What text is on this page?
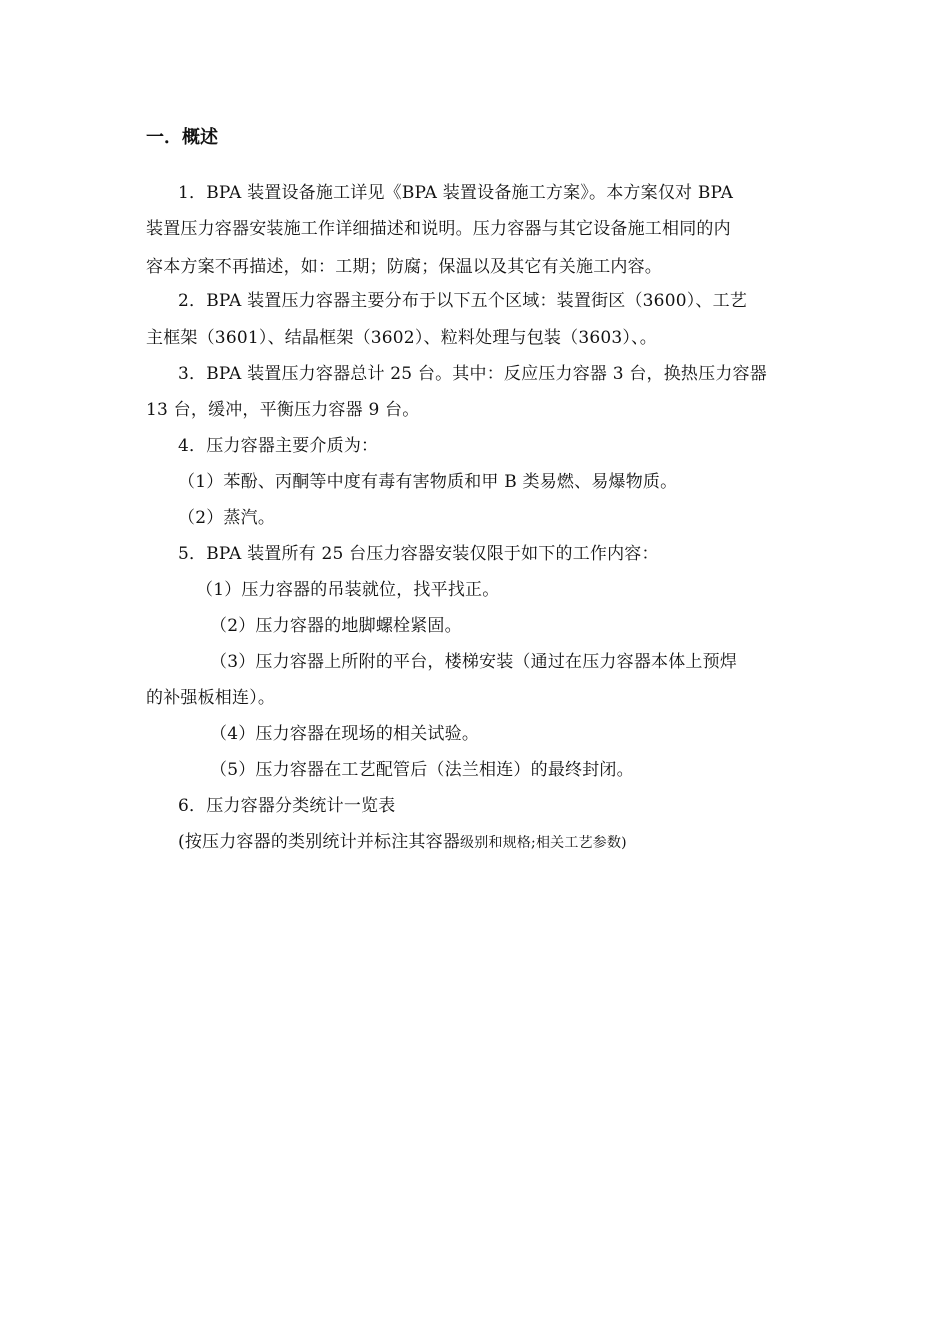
一．概述
1．BPA 装置设备施工详见《BPA 装置设备施工方案》。本方案仅对 BPA
装置压力容器安装施工作详细描述和说明。压力容器与其它设备施工相同的内
容本方案不再描述，如：工期；防腐；保温以及其它有关施工内容。
2．BPA 装置压力容器主要分布于以下五个区域：装置街区（3600）、工艺
主框架（3601）、结晶框架（3602）、粒料处理与包装（3603）、。
3．BPA 装置压力容器总计 25 台。其中：反应压力容器 3 台，换热压力容器
13 台，缓冲，平衡压力容器 9 台。
4．压力容器主要介质为：
（1）苯酚、丙酮等中度有毒有害物质和甲 B 类易燃、易爆物质。
（2）蒸汽。
5．BPA 装置所有 25 台压力容器安装仅限于如下的工作内容：
（1）压力容器的吊装就位，找平找正。
（2）压力容器的地脚螺栓紧固。
（3）压力容器上所附的平台，楼梯安装（通过在压力容器本体上预焊
的补强板相连）。
（4）压力容器在现场的相关试验。
（5）压力容器在工艺配管后（法兰相连）的最终封闭。
6．压力容器分类统计一览表
(按压力容器的类别统计并标注其容器级别和规格;相关工艺参数)
